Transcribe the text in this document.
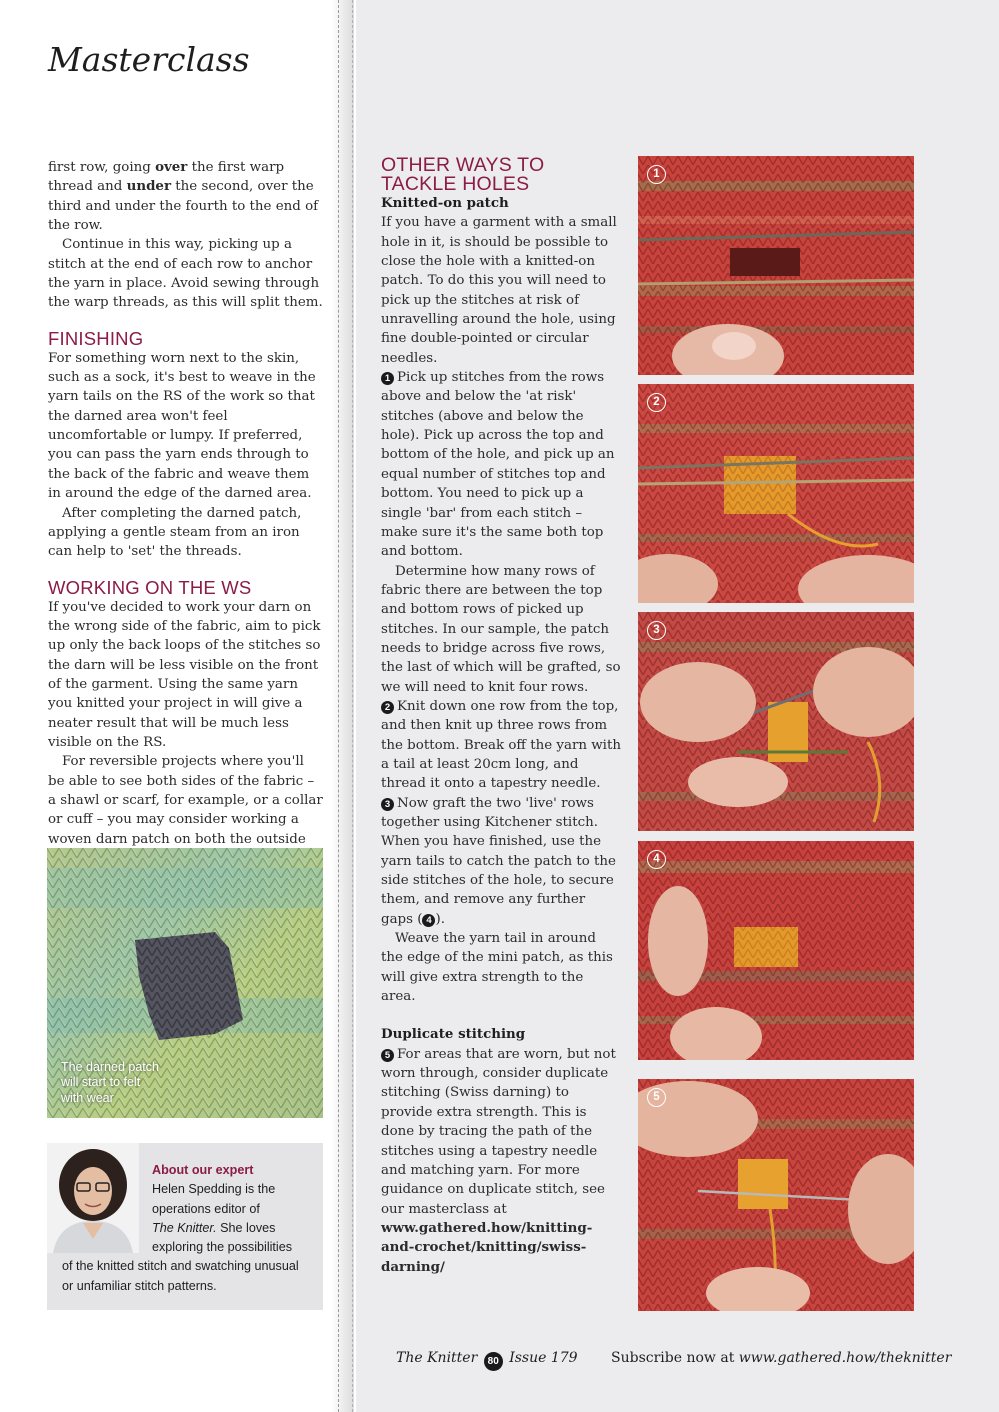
Masterclass

first row, going over the first warp thread and under the second, over the third and under the fourth to the end of the row.

Continue in this way, picking up a stitch at the end of each row to anchor the yarn in place. Avoid sewing through the warp threads, as this will split them.

FINISHING

For something worn next to the skin, such as a sock, it's best to weave in the yarn tails on the RS of the work so that the darned area won't feel uncomfortable or lumpy. If preferred, you can pass the yarn ends through to the back of the fabric and weave them in around the edge of the darned area.

After completing the darned patch, applying a gentle steam from an iron can help to 'set' the threads.

WORKING ON THE WS

If you've decided to work your darn on the wrong side of the fabric, aim to pick up only the back loops of the stitches so the darn will be less visible on the front of the garment. Using the same yarn you knitted your project in will give a neater result that will be much less visible on the RS.

For reversible projects where you'll be able to see both sides of the fabric – a shawl or scarf, for example, or a collar or cuff – you may consider working a woven darn patch on both the outside

The darned patch
will start to felt
with wear
About our expert
Helen Spedding is the
operations editor of
The Knitter. She loves
exploring the possibilities
of the knitted stitch and swatching unusual
or unfamiliar stitch patterns.
OTHER WAYS TO
TACKLE HOLES
Knitted-on patch

If you have a garment with a small hole in it, is should be possible to close the hole with a knitted-on patch. To do this you will need to pick up the stitches at risk of unravelling around the hole, using fine double-pointed or circular needles.

1 Pick up stitches from the rows above and below the 'at risk' stitches (above and below the hole). Pick up across the top and bottom of the hole, and pick up an equal number of stitches top and bottom. You need to pick up a single 'bar' from each stitch – make sure it's the same both top and bottom.

Determine how many rows of fabric there are between the top and bottom rows of picked up stitches. In our sample, the patch needs to bridge across five rows, the last of which will be grafted, so we will need to knit four rows.

2 Knit down one row from the top, and then knit up three rows from the bottom. Break off the yarn with a tail at least 20cm long, and thread it onto a tapestry needle.

3 Now graft the two 'live' rows together using Kitchener stitch. When you have finished, use the yarn tails to catch the patch to the side stitches of the hole, to secure them, and remove any further gaps ( 4 ).

Weave the yarn tail in around the edge of the mini patch, as this will give extra strength to the area.

Duplicate stitching

5 For areas that are worn, but not worn through, consider duplicate stitching (Swiss darning) to provide extra strength. This is done by tracing the path of the stitches using a tapestry needle and matching yarn. For more guidance on duplicate stitch, see our masterclass at www.gathered.how/knitting-and-crochet/knitting/swiss-darning/

1
2
3
4
5
The Knitter 80 Issue 179 Subscribe now at www.gathered.how/theknitter
